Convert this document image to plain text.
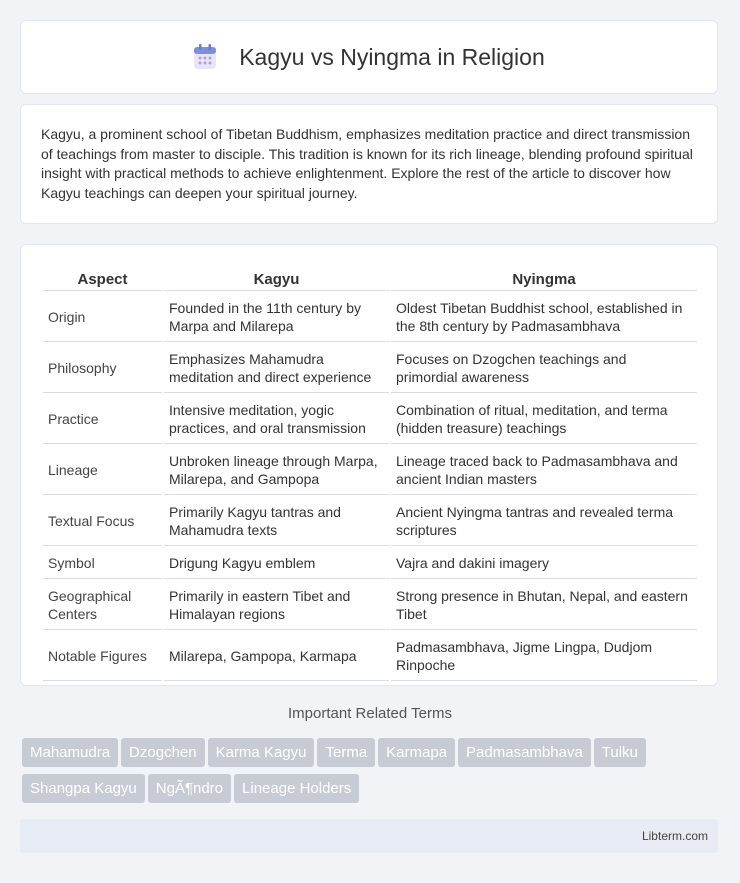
Kagyu vs Nyingma in Religion

Kagyu, a prominent school of Tibetan Buddhism, emphasizes meditation practice and direct transmission of teachings from master to disciple. This tradition is known for its rich lineage, blending profound spiritual insight with practical methods to achieve enlightenment. Explore the rest of the article to discover how Kagyu teachings can deepen your spiritual journey.

Aspect	Kagyu	Nyingma
Origin	Founded in the 11th century by Marpa and Milarepa	Oldest Tibetan Buddhist school, established in the 8th century by Padmasambhava
Philosophy	Emphasizes Mahamudra meditation and direct experience	Focuses on Dzogchen teachings and primordial awareness
Practice	Intensive meditation, yogic practices, and oral transmission	Combination of ritual, meditation, and terma (hidden treasure) teachings
Lineage	Unbroken lineage through Marpa, Milarepa, and Gampopa	Lineage traced back to Padmasambhava and ancient Indian masters
Textual Focus	Primarily Kagyu tantras and Mahamudra texts	Ancient Nyingma tantras and revealed terma scriptures
Symbol	Drigung Kagyu emblem	Vajra and dakini imagery
Geographical Centers	Primarily in eastern Tibet and Himalayan regions	Strong presence in Bhutan, Nepal, and eastern Tibet
Notable Figures	Milarepa, Gampopa, Karmapa	Padmasambhava, Jigme Lingpa, Dudjom Rinpoche
Important Related Terms
Mahamudra Dzogchen Karma Kagyu Terma Karmapa Padmasambhava Tulku
Shangpa Kagyu NgÃ¶ndro Lineage Holders
Libterm.com
